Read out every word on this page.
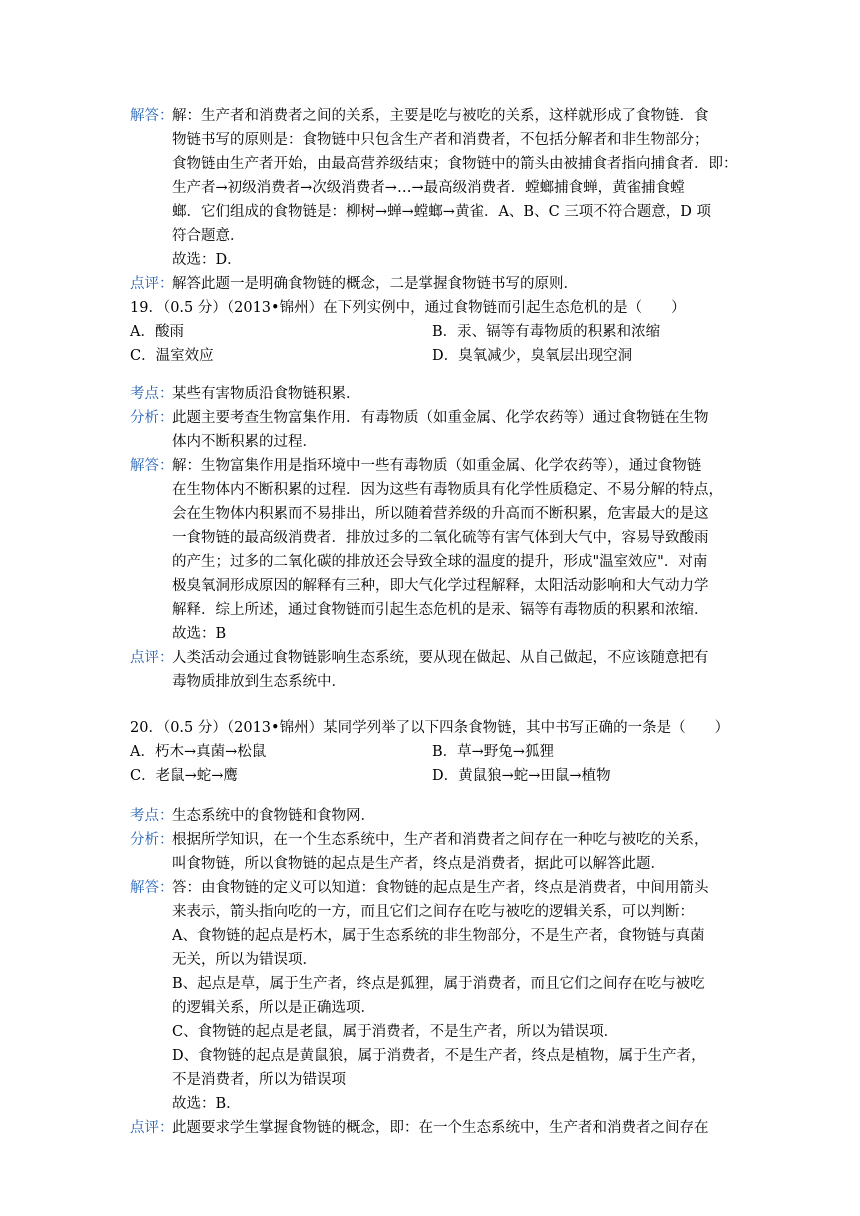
解答：
解：生产者和消费者之间的关系，主要是吃与被吃的关系，这样就形成了食物链．食
物链书写的原则是：食物链中只包含生产者和消费者，不包括分解者和非生物部分；
食物链由生产者开始，由最高营养级结束；食物链中的箭头由被捕食者指向捕食者．即：
生产者→初级消费者→次级消费者→…→最高级消费者．螳螂捕食蝉，黄雀捕食螳
螂．它们组成的食物链是：柳树→蝉→螳螂→黄雀．A、B、C 三项不符合题意，D 项
符合题意．
故选：D．
点评：
解答此题一是明确食物链的概念，二是掌握食物链书写的原则．
19．（0.5 分）（2013•锦州）在下列实例中，通过食物链而引起生态危机的是（　　）
A．酸雨	B．汞、镉等有毒物质的积累和浓缩
C．温室效应	D．臭氧减少，臭氧层出现空洞
考点：
某些有害物质沿食物链积累．
分析：
此题主要考查生物富集作用．有毒物质（如重金属、化学农药等）通过食物链在生物
体内不断积累的过程．
解答：
解：生物富集作用是指环境中一些有毒物质（如重金属、化学农药等），通过食物链
在生物体内不断积累的过程．因为这些有毒物质具有化学性质稳定、不易分解的特点，
会在生物体内积累而不易排出，所以随着营养级的升高而不断积累，危害最大的是这
一食物链的最高级消费者．排放过多的二氧化硫等有害气体到大气中，容易导致酸雨
的产生；过多的二氧化碳的排放还会导致全球的温度的提升，形成"温室效应"．对南
极臭氧洞形成原因的解释有三种，即大气化学过程解释，太阳活动影响和大气动力学
解释．综上所述，通过食物链而引起生态危机的是汞、镉等有毒物质的积累和浓缩．
故选：B
点评：
人类活动会通过食物链影响生态系统，要从现在做起、从自己做起，不应该随意把有
毒物质排放到生态系统中．
20．（0.5 分）（2013•锦州）某同学列举了以下四条食物链，其中书写正确的一条是（　　）
A．朽木→真菌→松鼠	B．草→野兔→狐狸
C．老鼠→蛇→鹰	D．黄鼠狼→蛇→田鼠→植物
考点：
生态系统中的食物链和食物网．
分析：
根据所学知识，在一个生态系统中，生产者和消费者之间存在一种吃与被吃的关系，
叫食物链，所以食物链的起点是生产者，终点是消费者，据此可以解答此题．
解答：
答：由食物链的定义可以知道：食物链的起点是生产者，终点是消费者，中间用箭头
来表示，箭头指向吃的一方，而且它们之间存在吃与被吃的逻辑关系，可以判断：
A、食物链的起点是朽木，属于生态系统的非生物部分，不是生产者，食物链与真菌
无关，所以为错误项．
B、起点是草，属于生产者，终点是狐狸，属于消费者，而且它们之间存在吃与被吃
的逻辑关系，所以是正确选项．
C、食物链的起点是老鼠，属于消费者，不是生产者，所以为错误项．
D、食物链的起点是黄鼠狼，属于消费者，不是生产者，终点是植物，属于生产者，
不是消费者，所以为错误项
故选：B．
点评：
此题要求学生掌握食物链的概念，即：在一个生态系统中，生产者和消费者之间存在
